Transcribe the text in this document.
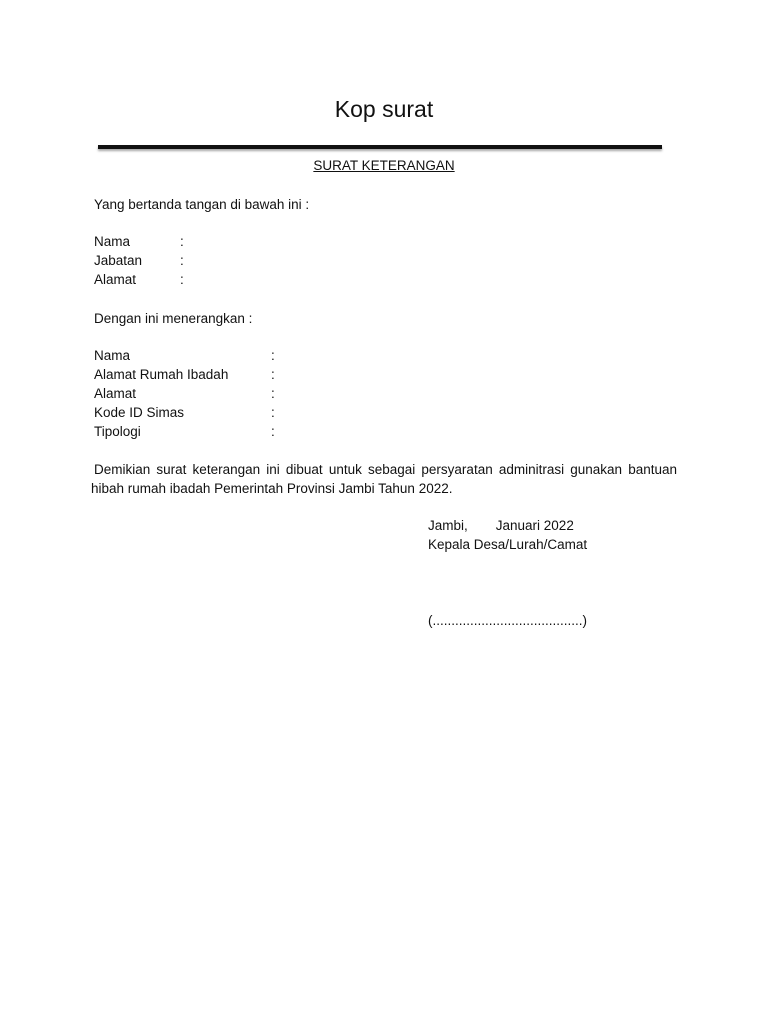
Kop surat
SURAT KETERANGAN
Yang bertanda tangan di bawah ini :
Nama	:
Jabatan	:
Alamat	:
Dengan ini menerangkan :
Nama	:
Alamat Rumah Ibadah	:
Alamat	:
Kode ID Simas	:
Tipologi	:
Demikian surat keterangan ini dibuat untuk sebagai persyaratan adminitrasi gunakan bantuan
hibah rumah ibadah Pemerintah Provinsi Jambi Tahun 2022.
Jambi, Januari 2022
Kepala Desa/Lurah/Camat
(........................................)
